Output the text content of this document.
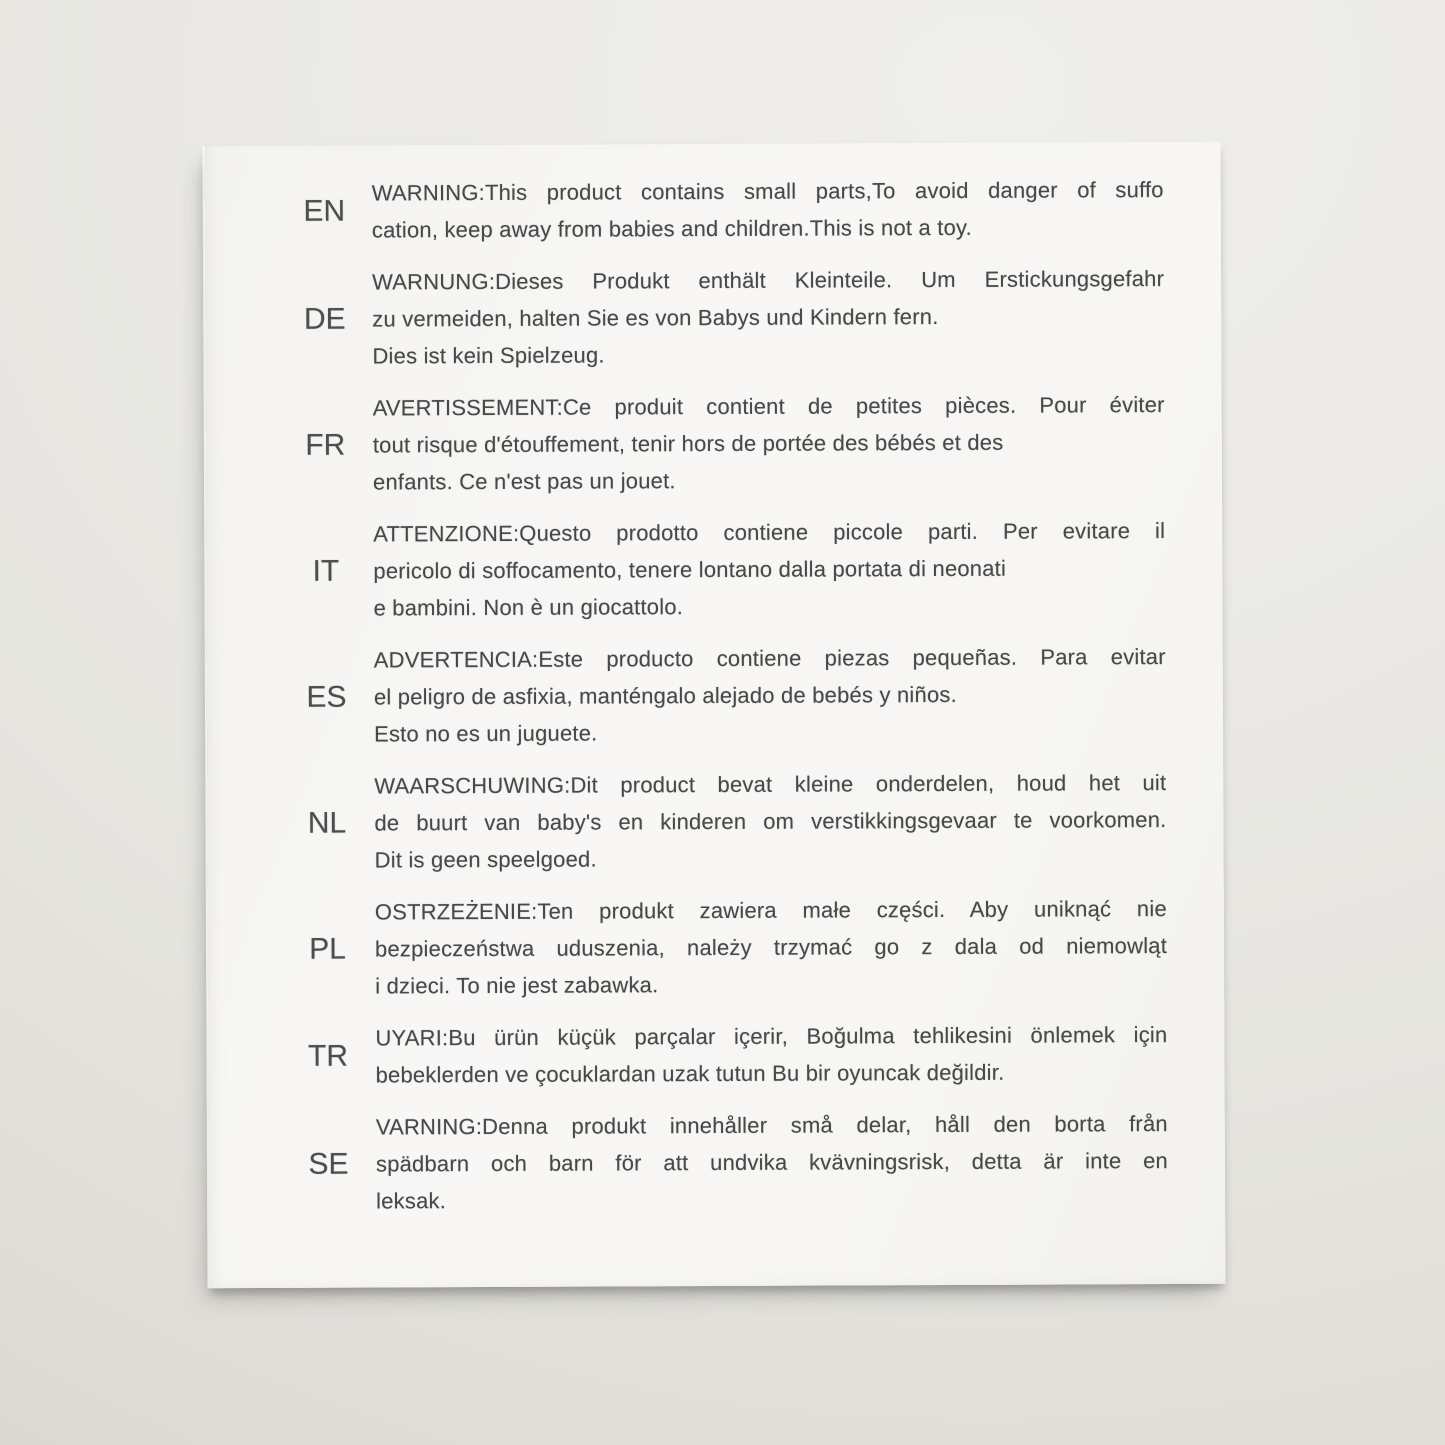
EN
WARNING:This product contains small parts,To avoid danger of suffo
cation, keep away from babies and children.This is not a toy.
DE
WARNUNG:Dieses Produkt enthält Kleinteile. Um Erstickungsgefahr
zu vermeiden, halten Sie es von Babys und Kindern fern.
Dies ist kein Spielzeug.
FR
AVERTISSEMENT:Ce produit contient de petites pièces. Pour éviter
tout risque d'étouffement, tenir hors de portée des bébés et des
enfants. Ce n'est pas un jouet.
IT
ATTENZIONE:Questo prodotto contiene piccole parti. Per evitare il
pericolo di soffocamento, tenere lontano dalla portata di neonati
e bambini. Non è un giocattolo.
ES
ADVERTENCIA:Este producto contiene piezas pequeñas. Para evitar
el peligro de asfixia, manténgalo alejado de bebés y niños.
Esto no es un juguete.
NL
WAARSCHUWING:Dit product bevat kleine onderdelen, houd het uit
de buurt van baby's en kinderen om verstikkingsgevaar te voorkomen.
Dit is geen speelgoed.
PL
OSTRZEŻENIE:Ten produkt zawiera małe części. Aby uniknąć nie
bezpieczeństwa uduszenia, należy trzymać go z dala od niemowląt
i dzieci. To nie jest zabawka.
TR
UYARI:Bu ürün küçük parçalar içerir, Boğulma tehlikesini önlemek için
bebeklerden ve çocuklardan uzak tutun Bu bir oyuncak değildir.
SE
VARNING:Denna produkt innehåller små delar, håll den borta från
spädbarn och barn för att undvika kvävningsrisk, detta är inte en
leksak.
